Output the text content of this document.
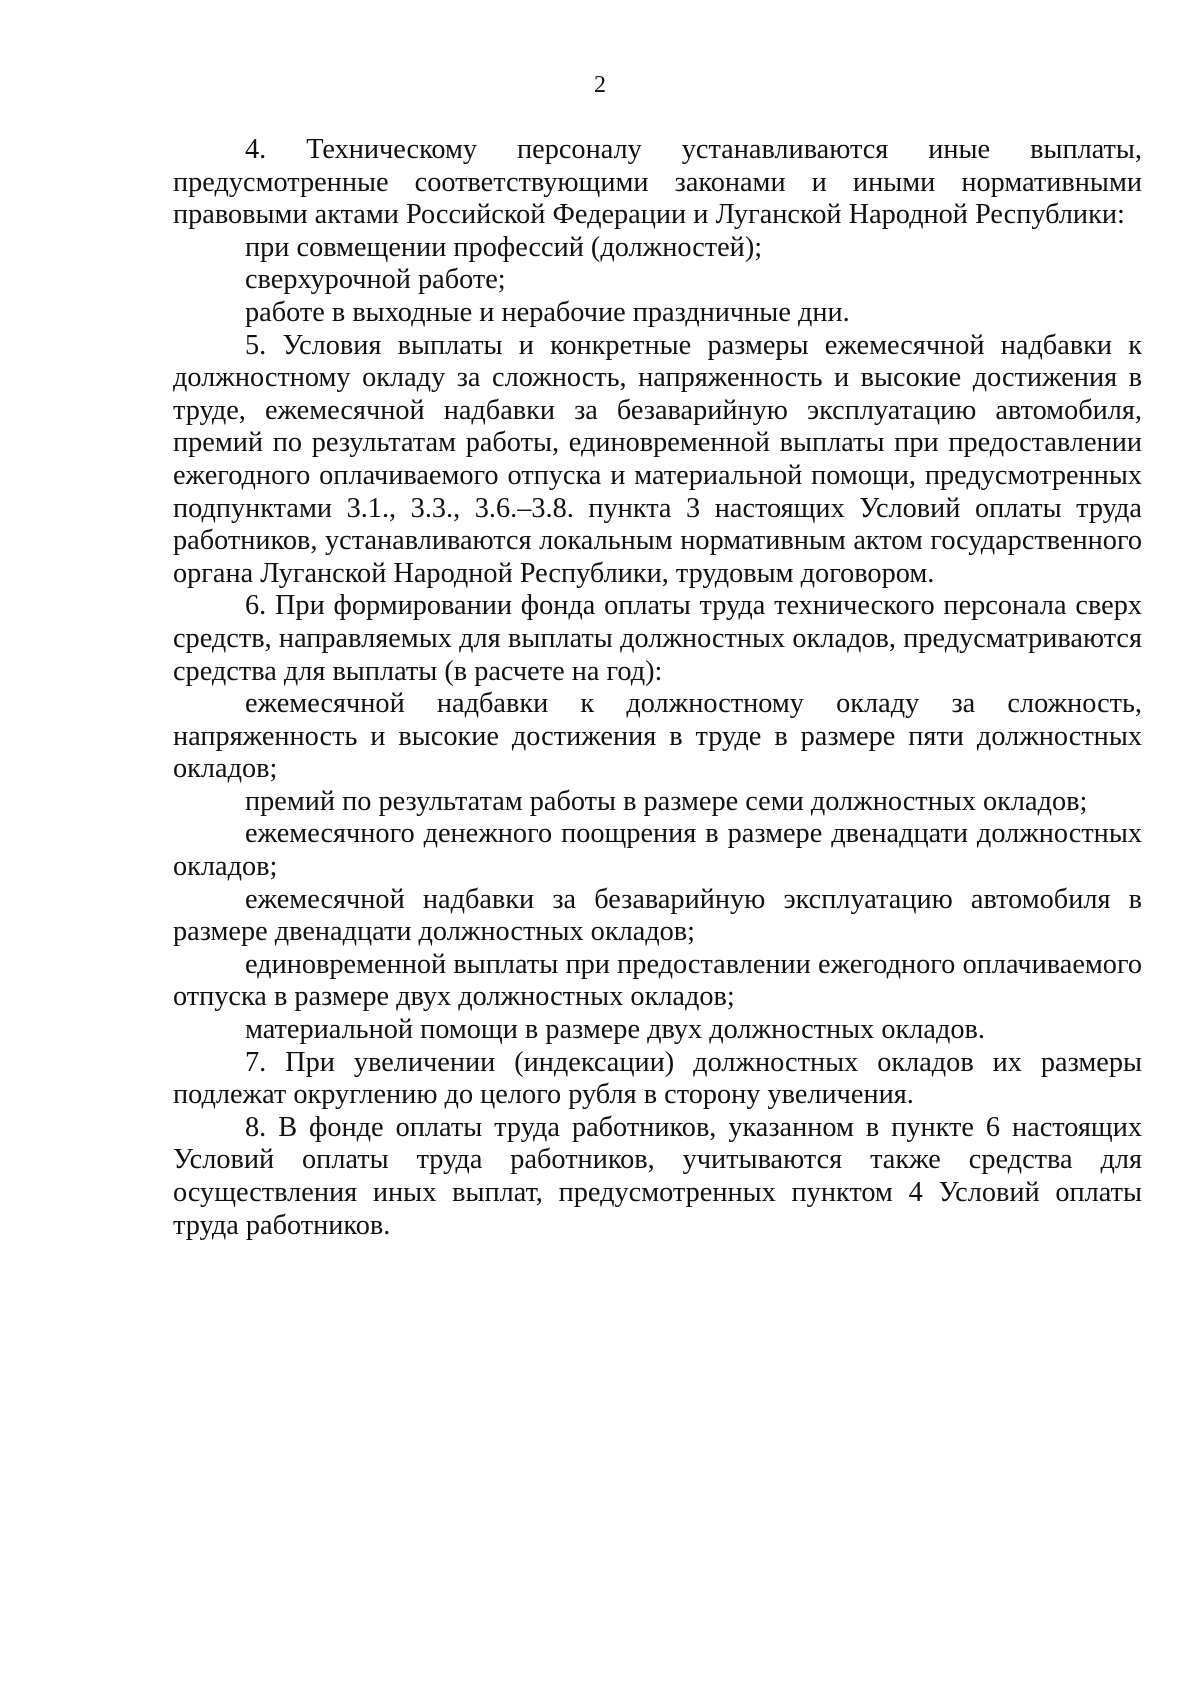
2

4. Техническому персоналу устанавливаются иные выплаты, предусмотренные соответствующими законами и иными нормативными правовыми актами Российской Федерации и Луганской Народной Республики:

при совмещении профессий (должностей);

сверхурочной работе;

работе в выходные и нерабочие праздничные дни.

5. Условия выплаты и конкретные размеры ежемесячной надбавки к должностному окладу за сложность, напряженность и высокие достижения в труде, ежемесячной надбавки за безаварийную эксплуатацию автомобиля, премий по результатам работы, единовременной выплаты при предоставлении ежегодного оплачиваемого отпуска и материальной помощи, предусмотренных подпунктами 3.1., 3.3., 3.6.–3.8. пункта 3 настоящих Условий оплаты труда работников, устанавливаются локальным нормативным актом государственного органа Луганской Народной Республики, трудовым договором.

6. При формировании фонда оплаты труда технического персонала сверх средств, направляемых для выплаты должностных окладов, предусматриваются средства для выплаты (в расчете на год):

ежемесячной надбавки к должностному окладу за сложность, напряженность и высокие достижения в труде в размере пяти должностных окладов;

премий по результатам работы в размере семи должностных окладов;

ежемесячного денежного поощрения в размере двенадцати должностных окладов;

ежемесячной надбавки за безаварийную эксплуатацию автомобиля в размере двенадцати должностных окладов;

единовременной выплаты при предоставлении ежегодного оплачиваемого отпуска в размере двух должностных окладов;

материальной помощи в размере двух должностных окладов.

7. При увеличении (индексации) должностных окладов их размеры подлежат округлению до целого рубля в сторону увеличения.

8. В фонде оплаты труда работников, указанном в пункте 6 настоящих Условий оплаты труда работников, учитываются также средства для осуществления иных выплат, предусмотренных пунктом 4 Условий оплаты труда работников.
